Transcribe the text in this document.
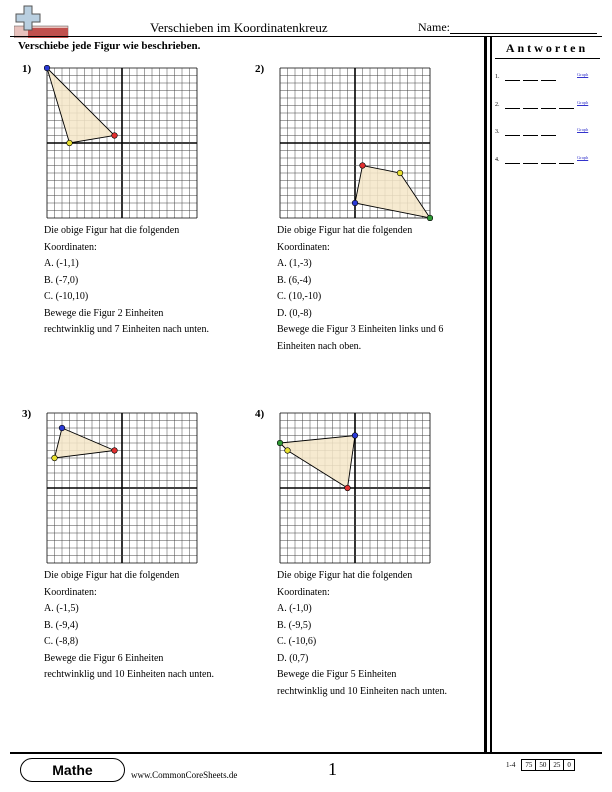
Verschieben im Koordinatenkreuz	Name:
Verschiebe jede Figur wie beschrieben.	Antworten
1.	Graph
2.	Graph
3.	Graph
4.	Graph
1)
Die obige Figur hat die folgenden
Koordinaten:
A. (-1,1)
B. (-7,0)
C. (-10,10)
Bewege die Figur 2 Einheiten
rechtwinklig und 7 Einheiten nach unten.
2)
Die obige Figur hat die folgenden
Koordinaten:
A. (1,-3)
B. (6,-4)
C. (10,-10)
D. (0,-8)
Bewege die Figur 3 Einheiten links und 6
Einheiten nach oben.
3)
Die obige Figur hat die folgenden
Koordinaten:
A. (-1,5)
B. (-9,4)
C. (-8,8)
Bewege die Figur 6 Einheiten
rechtwinklig und 10 Einheiten nach unten.
4)
Die obige Figur hat die folgenden
Koordinaten:
A. (-1,0)
B. (-9,5)
C. (-10,6)
D. (0,7)
Bewege die Figur 5 Einheiten
rechtwinklig und 10 Einheiten nach unten.
Mathe	www.CommonCoreSheets.de	1	1-4	75	50	25	0
